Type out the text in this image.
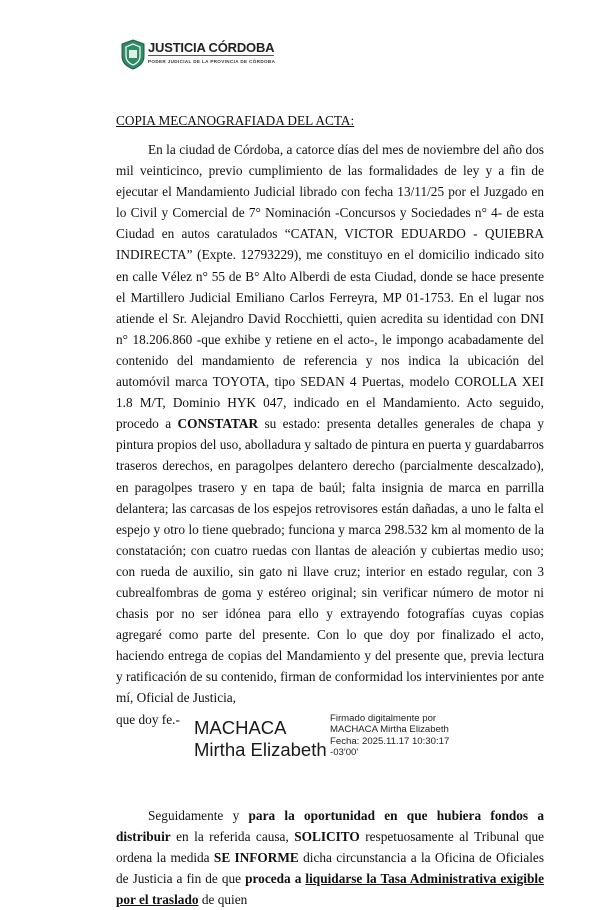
JUSTICIA CÓRDOBA
PODER JUDICIAL DE LA PROVINCIA DE CÓRDOBA

COPIA MECANOGRAFIADA DEL ACTA:

En la ciudad de Córdoba, a catorce días del mes de noviembre del año dos mil veinticinco, previo cumplimiento de las formalidades de ley y a fin de ejecutar el Mandamiento Judicial librado con fecha 13/11/25 por el Juzgado en lo Civil y Comercial de 7° Nominación -Concursos y Sociedades n° 4- de esta Ciudad en autos caratulados “CATAN, VICTOR EDUARDO - QUIEBRA INDIRECTA” (Expte. 12793229), me constituyo en el domicilio indicado sito en calle Vélez n° 55 de B° Alto Alberdi de esta Ciudad, donde se hace presente el Martillero Judicial Emiliano Carlos Ferreyra, MP 01-1753. En el lugar nos atiende el Sr. Alejandro David Rocchietti, quien acredita su identidad con DNI n° 18.206.860 -que exhibe y retiene en el acto-, le impongo acabadamente del contenido del mandamiento de referencia y nos indica la ubicación del automóvil marca TOYOTA, tipo SEDAN 4 Puertas, modelo COROLLA XEI 1.8 M/T, Dominio HYK 047, indicado en el Mandamiento. Acto seguido, procedo a CONSTATAR su estado: presenta detalles generales de chapa y pintura propios del uso, abolladura y saltado de pintura en puerta y guardabarros traseros derechos, en paragolpes delantero derecho (parcialmente descalzado), en paragolpes trasero y en tapa de baúl; falta insignia de marca en parrilla delantera; las carcasas de los espejos retrovisores están dañadas, a uno le falta el espejo y otro lo tiene quebrado; funciona y marca 298.532 km al momento de la constatación; con cuatro ruedas con llantas de aleación y cubiertas medio uso; con rueda de auxilio, sin gato ni llave cruz; interior en estado regular, con 3 cubrealfombras de goma y estéreo original; sin verificar número de motor ni chasis por no ser idónea para ello y extrayendo fotografías cuyas copias agregaré como parte del presente. Con lo que doy por finalizado el acto, haciendo entrega de copias del Mandamiento y del presente que, previa lectura y ratificación de su contenido, firman de conformidad los intervinientes por ante mí, Oficial de Justicia,

que doy fe.- MACHACA
Mirtha Elizabeth
Firmado digitalmente por
MACHACA Mirtha Elizabeth
Fecha: 2025.11.17 10:30:17
-03'00'

Seguidamente y para la oportunidad en que hubiera fondos a distribuir en la referida causa, SOLICITO respetuosamente al Tribunal que ordena la medida SE INFORME dicha circunstancia a la Oficina de Oficiales de Justicia a fin de que proceda a liquidarse la Tasa Administrativa exigible por el traslado de quien
